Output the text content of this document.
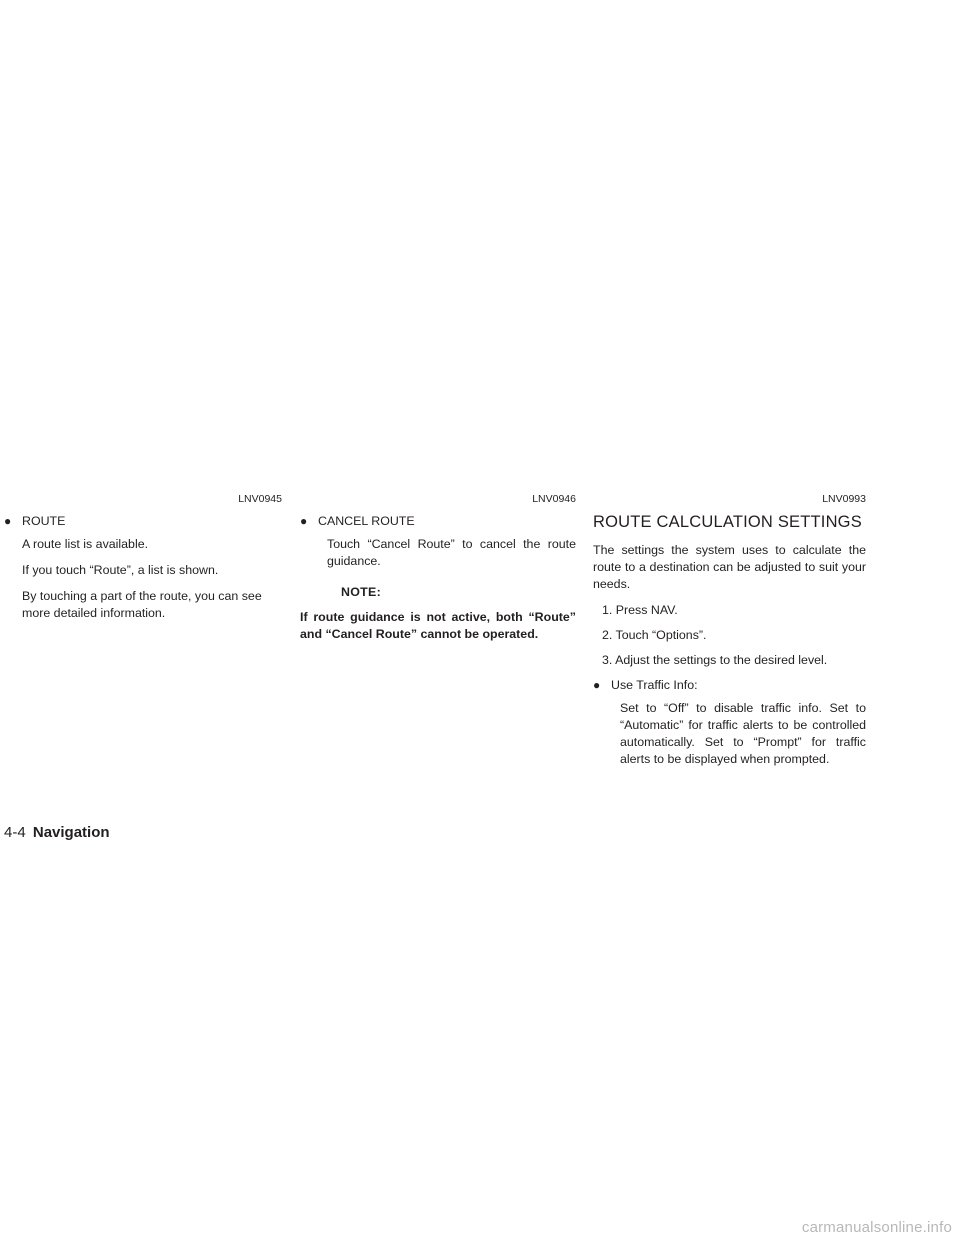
LNV0945
● ROUTE

A route list is available.

If you touch “Route”, a list is shown.

By touching a part of the route, you can see more detailed information.

LNV0946
● CANCEL ROUTE

Touch “Cancel Route” to cancel the route guidance.

NOTE:
If route guidance is not active, both “Route” and “Cancel Route” cannot be operated.
LNV0993
ROUTE CALCULATION SETTINGS

The settings the system uses to calculate the route to a destination can be adjusted to suit your needs.

1. Press NAV.
2. Touch “Options”.
3. Adjust the settings to the desired level.
● Use Traffic Info:

Set to “Off” to disable traffic info. Set to “Automatic” for traffic alerts to be controlled automatically. Set to “Prompt” for traffic alerts to be displayed when prompted.

4-4 Navigation
carmanualsonline.info
